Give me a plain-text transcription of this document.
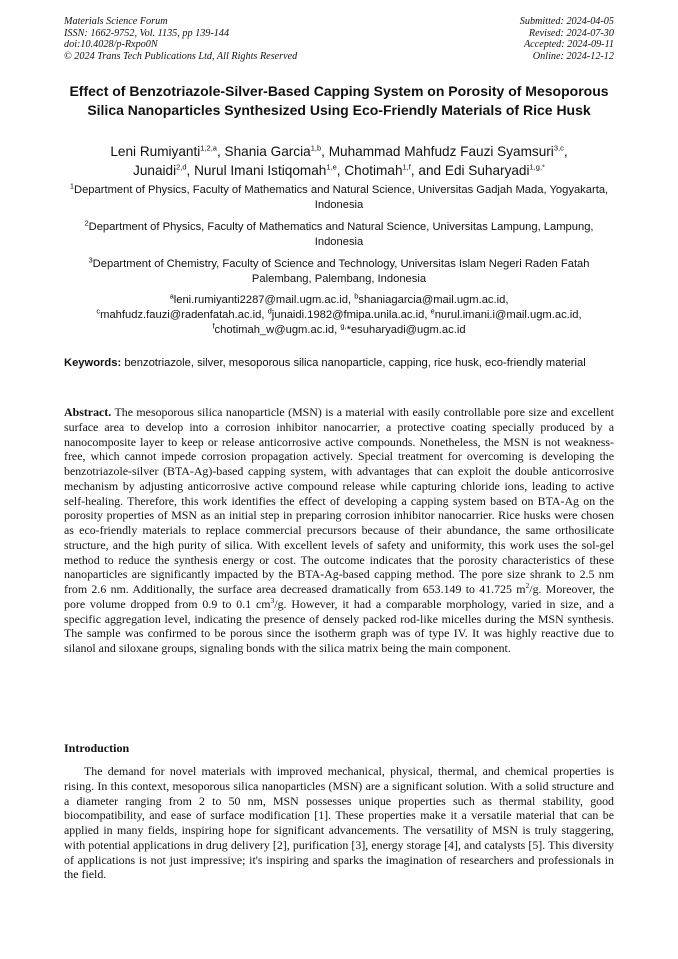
Materials Science Forum
ISSN: 1662-9752, Vol. 1135, pp 139-144
doi:10.4028/p-Rxpo0N
© 2024 Trans Tech Publications Ltd, All Rights Reserved
Submitted: 2024-04-05
Revised: 2024-07-30
Accepted: 2024-09-11
Online: 2024-12-12
Effect of Benzotriazole-Silver-Based Capping System on Porosity of Mesoporous Silica Nanoparticles Synthesized Using Eco-Friendly Materials of Rice Husk
Leni Rumiyanti$^{1,2,a}$, Shania Garcia$^{1,b}$, Muhammad Mahfudz Fauzi Syamsuri$^{3,c}$,
Junaidi$^{2,d}$, Nurul Imani Istiqomah$^{1,e}$, Chotimah$^{1,f}$, and Edi Suharyadi$^{1,g,*}$
$^1$Department of Physics, Faculty of Mathematics and Natural Science, Universitas Gadjah Mada, Yogyakarta, Indonesia
$^2$Department of Physics, Faculty of Mathematics and Natural Science, Universitas Lampung, Lampung, Indonesia
$^3$Department of Chemistry, Faculty of Science and Technology, Universitas Islam Negeri Raden Fatah Palembang, Palembang, Indonesia
$^a$leni.rumiyanti2287@mail.ugm.ac.id, $^b$shaniagarcia@mail.ugm.ac.id,
$^c$mahfudz.fauzi@radenfatah.ac.id, $^d$junaidi.1982@fmipa.unila.ac.id, $^e$nurul.imani.i@mail.ugm.ac.id,
$^f$chotimah_w@ugm.ac.id, $^{g,}$*esuharyadi@ugm.ac.id
Keywords: benzotriazole, silver, mesoporous silica nanoparticle, capping, rice husk, eco-friendly material
Abstract. The mesoporous silica nanoparticle (MSN) is a material with easily controllable pore size and excellent surface area to develop into a corrosion inhibitor nanocarrier, a protective coating specially produced by a nanocomposite layer to keep or release anticorrosive active compounds. Nonetheless, the MSN is not weakness-free, which cannot impede corrosion propagation actively. Special treatment for overcoming is developing the benzotriazole-silver (BTA-Ag)-based capping system, with advantages that can exploit the double anticorrosive mechanism by adjusting anticorrosive active compound release while capturing chloride ions, leading to active self-healing. Therefore, this work identifies the effect of developing a capping system based on BTA-Ag on the porosity properties of MSN as an initial step in preparing corrosion inhibitor nanocarrier. Rice husks were chosen as eco-friendly materials to replace commercial precursors because of their abundance, the same orthosilicate structure, and the high purity of silica. With excellent levels of safety and uniformity, this work uses the sol-gel method to reduce the synthesis energy or cost. The outcome indicates that the porosity characteristics of these nanoparticles are significantly impacted by the BTA-Ag-based capping method. The pore size shrank to 2.5 nm from 2.6 nm. Additionally, the surface area decreased dramatically from 653.149 to 41.725 $m^2/g$. Moreover, the pore volume dropped from 0.9 to 0.1 $cm^3/g$. However, it had a comparable morphology, varied in size, and a specific aggregation level, indicating the presence of densely packed rod-like micelles during the MSN synthesis. The sample was confirmed to be porous since the isotherm graph was of type IV. It was highly reactive due to silanol and siloxane groups, signaling bonds with the silica matrix being the main component.
Introduction
The demand for novel materials with improved mechanical, physical, thermal, and chemical properties is rising. In this context, mesoporous silica nanoparticles (MSN) are a significant solution. With a solid structure and a diameter ranging from 2 to 50 nm, MSN possesses unique properties such as thermal stability, good biocompatibility, and ease of surface modification [1]. These properties make it a versatile material that can be applied in many fields, inspiring hope for significant advancements. The versatility of MSN is truly staggering, with potential applications in drug delivery [2], purification [3], energy storage [4], and catalysts [5]. This diversity of applications is not just impressive; it's inspiring and sparks the imagination of researchers and professionals in the field.
